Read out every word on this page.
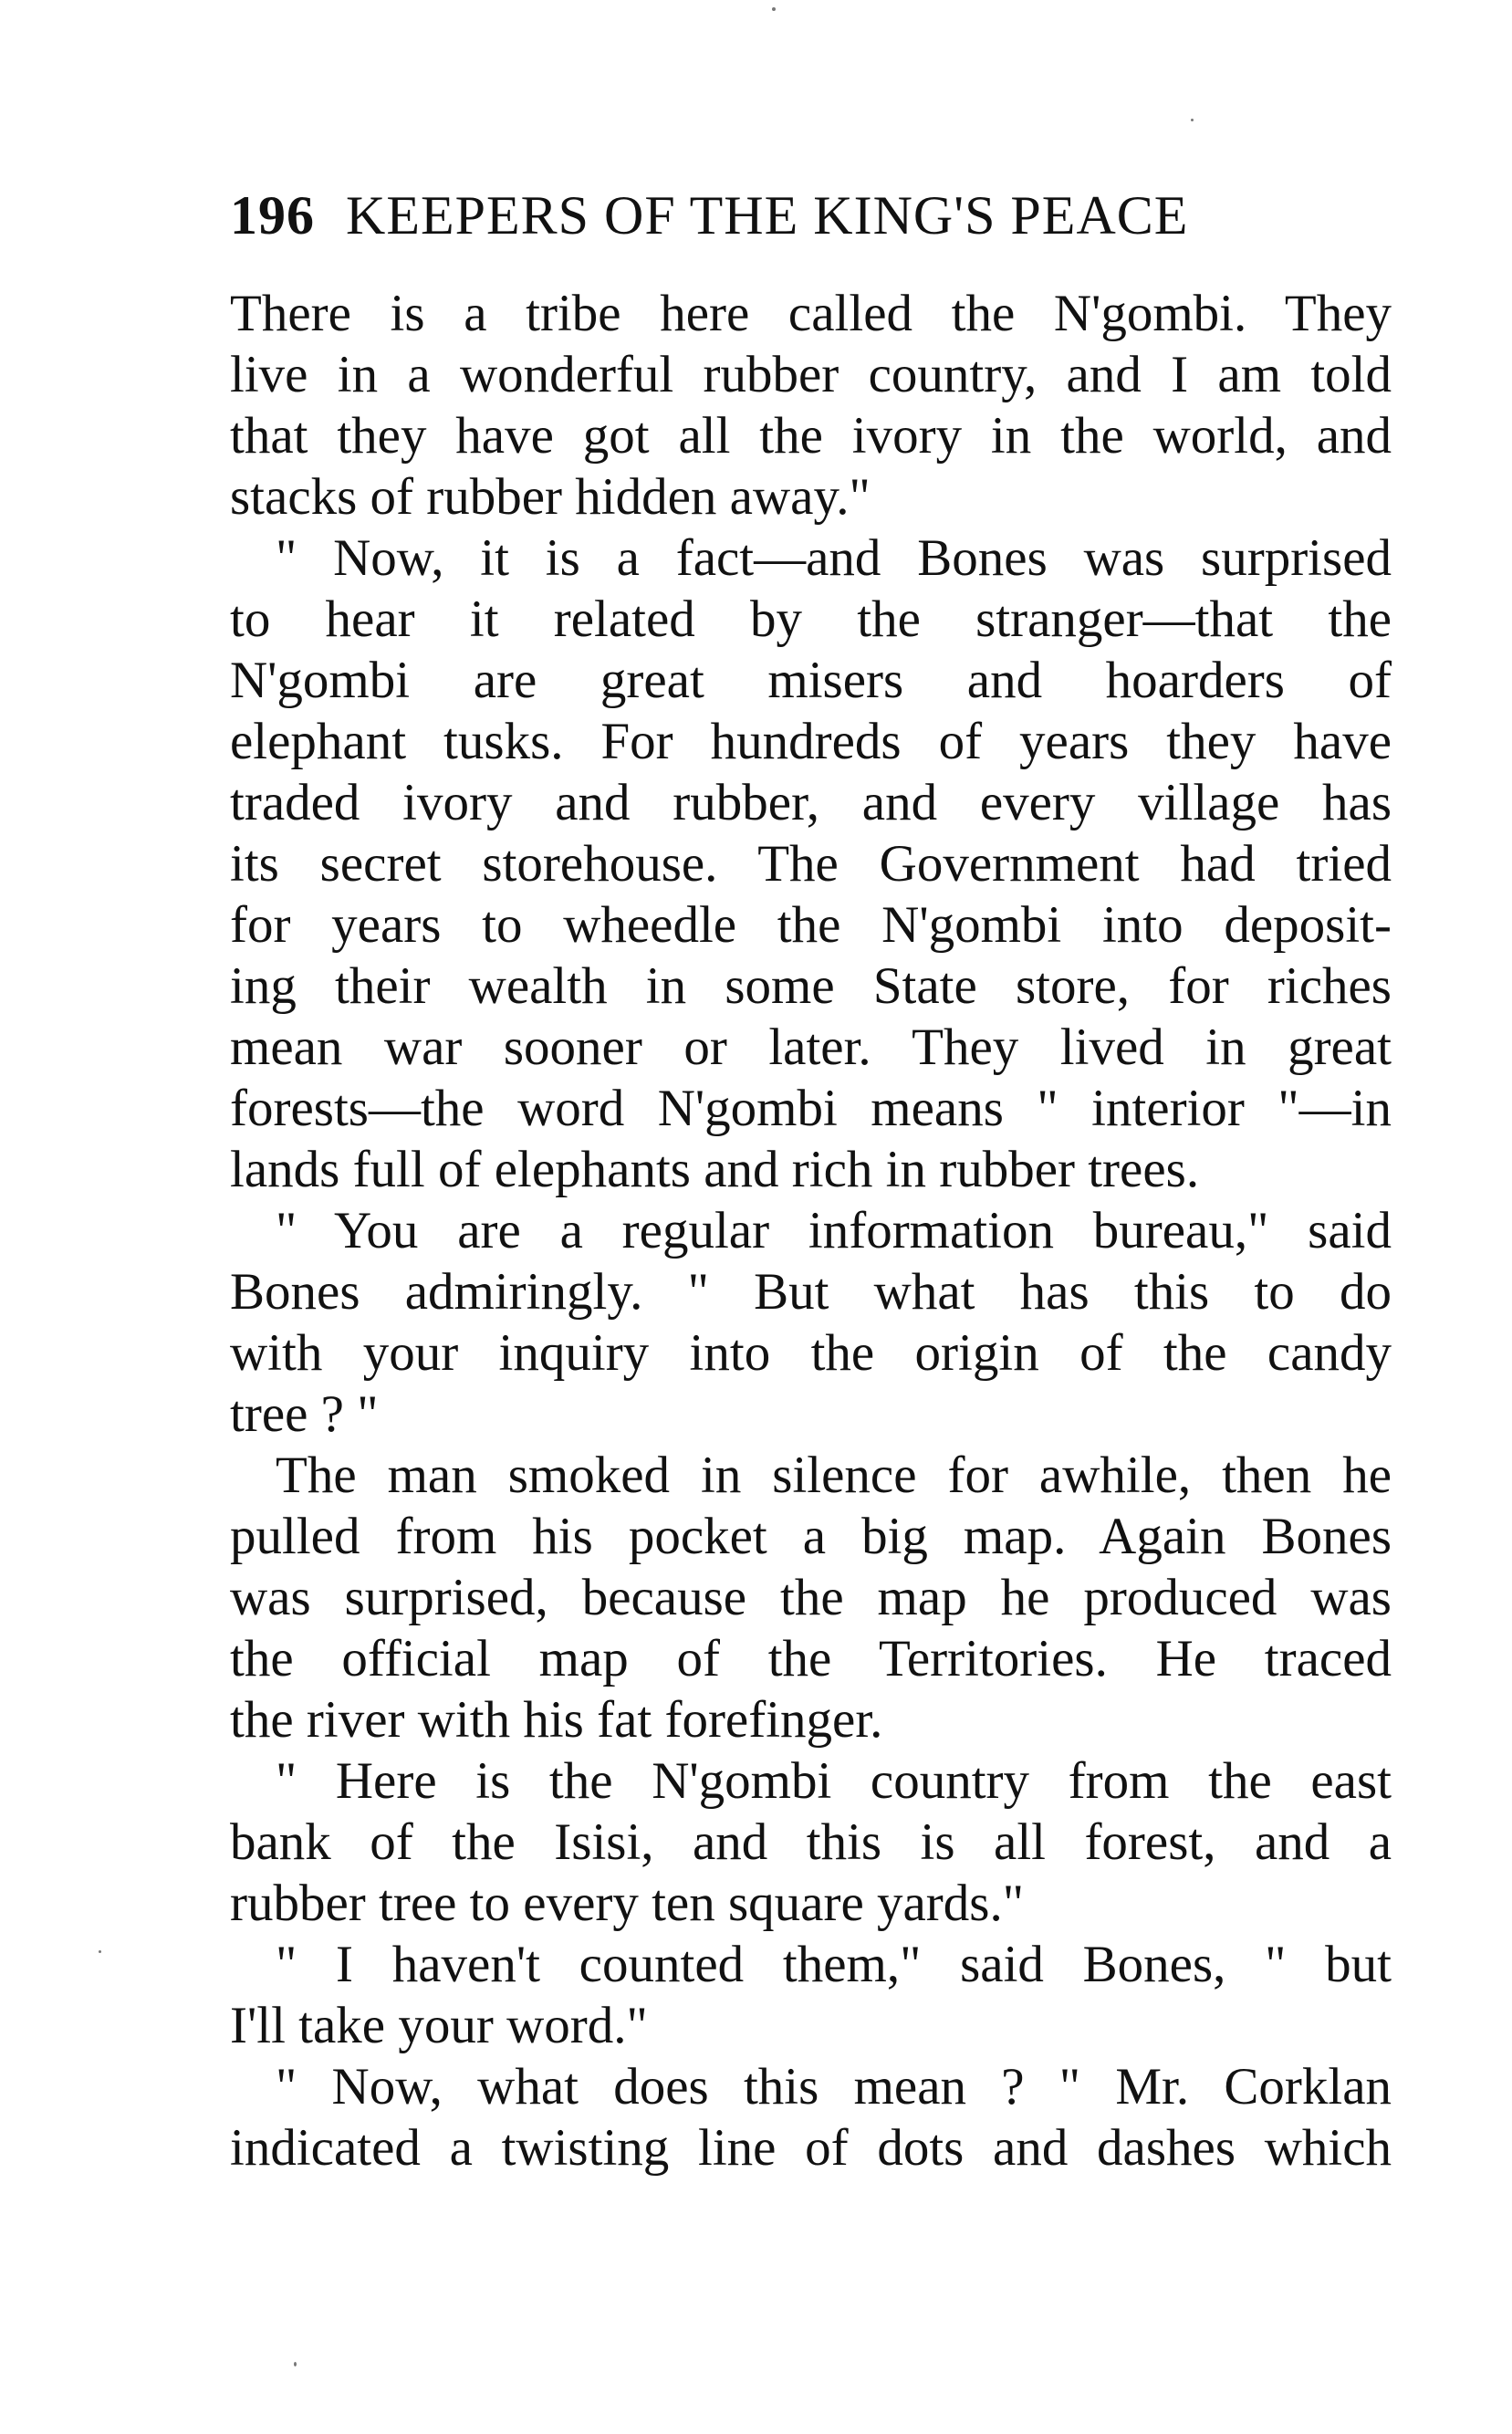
196 KEEPERS OF THE KING'S PEACE
There is a tribe here called the N'gombi. They
live in a wonderful rubber country, and I am told
that they have got all the ivory in the world, and
stacks of rubber hidden away."
" Now, it is a fact—and Bones was surprised
to hear it related by the stranger—that the
N'gombi are great misers and hoarders of
elephant tusks. For hundreds of years they have
traded ivory and rubber, and every village has
its secret storehouse. The Government had tried
for years to wheedle the N'gombi into deposit-
ing their wealth in some State store, for riches
mean war sooner or later. They lived in great
forests—the word N'gombi means " interior "—in
lands full of elephants and rich in rubber trees.
" You are a regular information bureau," said
Bones admiringly. " But what has this to do
with your inquiry into the origin of the candy
tree ? "
The man smoked in silence for awhile, then he
pulled from his pocket a big map. Again Bones
was surprised, because the map he produced was
the official map of the Territories. He traced
the river with his fat forefinger.
" Here is the N'gombi country from the east
bank of the Isisi, and this is all forest, and a
rubber tree to every ten square yards."
" I haven't counted them," said Bones, " but
I'll take your word."
" Now, what does this mean ? " Mr. Corklan
indicated a twisting line of dots and dashes which
